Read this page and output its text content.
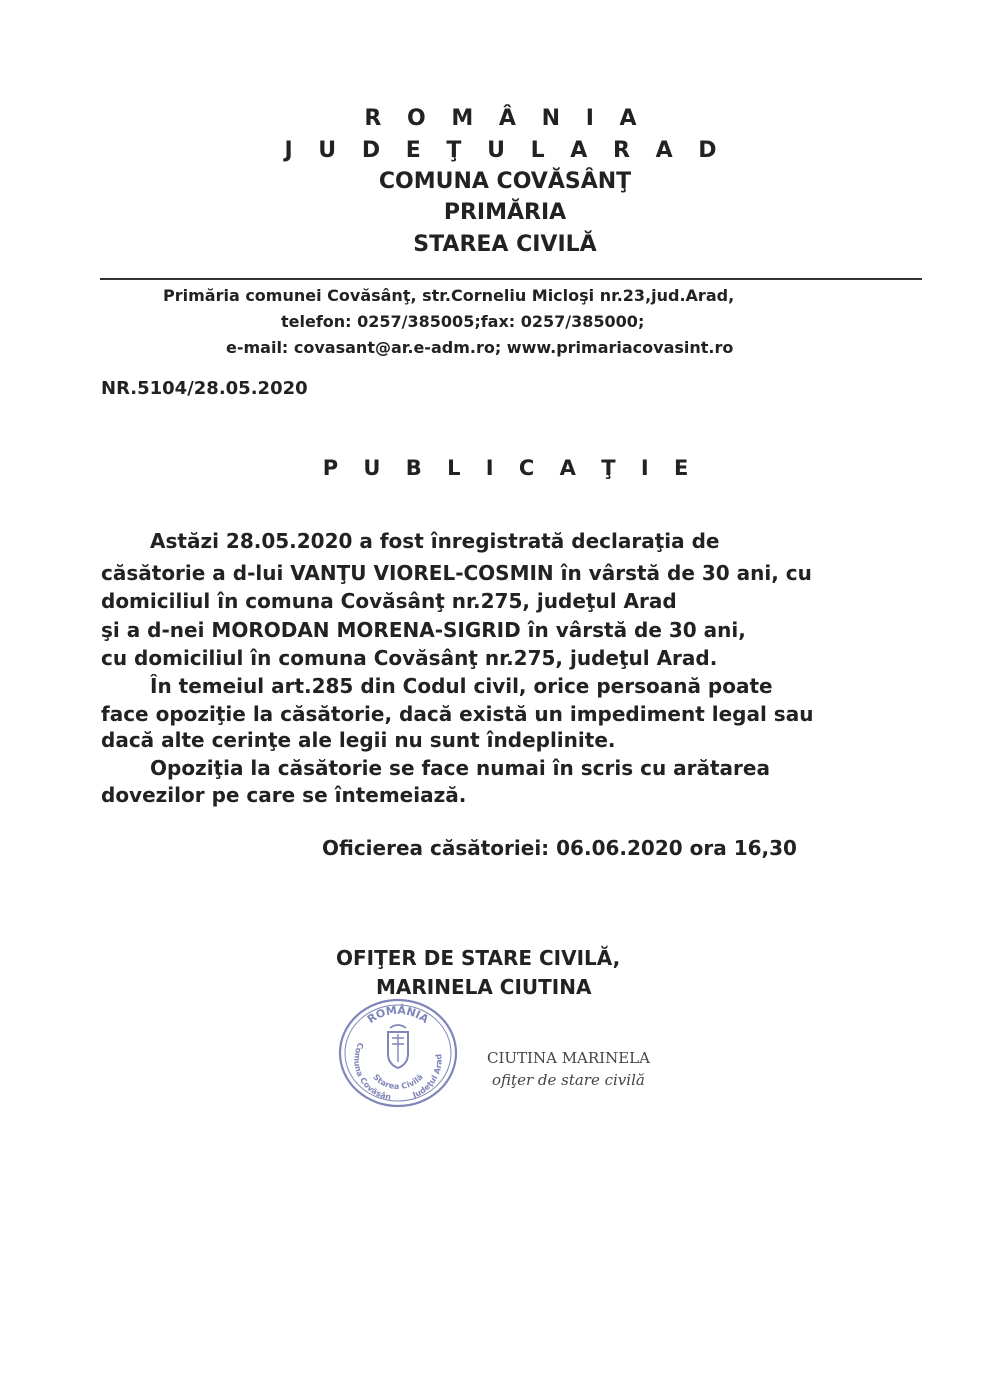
R O M Â N I A
J U D E Ţ U L A R A D
COMUNA COVĂSÂNŢ
PRIMĂRIA
STAREA CIVILĂ
Primăria comunei Covăsânţ, str.Corneliu Micloşi nr.23,jud.Arad,
telefon: 0257/385005;fax: 0257/385000;
e-mail: covasant@ar.e-adm.ro; www.primariacovasint.ro
NR.5104/28.05.2020
P U B L I C A Ţ I E
Astăzi 28.05.2020 a fost înregistrată declaraţia de
căsătorie a d-lui VANŢU VIOREL-COSMIN în vârstă de 30 ani, cu
domiciliul în comuna Covăsânţ nr.275, judeţul Arad
şi a d-nei MORODAN MORENA-SIGRID în vârstă de 30 ani,
cu domiciliul în comuna Covăsânţ nr.275, judeţul Arad.
În temeiul art.285 din Codul civil, orice persoană poate
face opoziţie la căsătorie, dacă există un impediment legal sau
dacă alte cerinţe ale legii nu sunt îndeplinite.
Opoziţia la căsătorie se face numai în scris cu arătarea
dovezilor pe care se întemeiază.
Oficierea căsătoriei: 06.06.2020 ora 16,30
OFIŢER DE STARE CIVILĂ,
MARINELA CIUTINA
ROMÂNIA
Comuna Covăsân Judeţul Arad
Starea Civilă
CIUTINA MARINELA
ofiţer de stare civilă
